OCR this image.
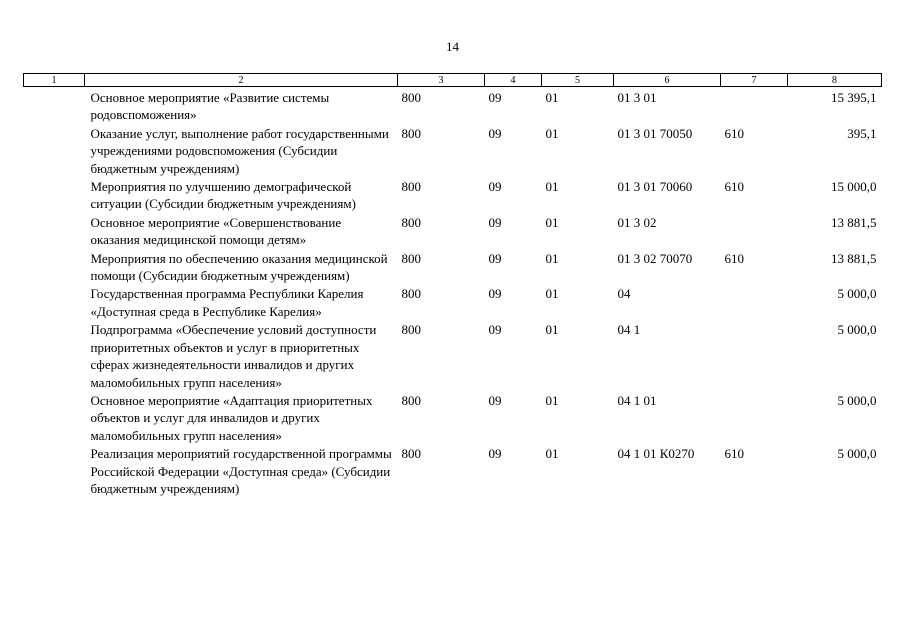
14
1	2	3	4	5	6	7	8
	Основное мероприятие «Развитие системы родовспоможения»	800	09	01	01 3 01		15 395,1
	Оказание услуг, выполнение работ государственными учреждениями родовспоможения (Субсидии бюджетным учреждениям)	800	09	01	01 3 01 70050	610	395,1
	Мероприятия по улучшению демографической ситуации (Субсидии бюджетным учреждениям)	800	09	01	01 3 01 70060	610	15 000,0
	Основное мероприятие «Совершенствование оказания медицинской помощи детям»	800	09	01	01 3 02		13 881,5
	Мероприятия по обеспечению оказания медицинской помощи (Субсидии бюджетным учреждениям)	800	09	01	01 3 02 70070	610	13 881,5
	Государственная программа Республики Карелия «Доступная среда в Республике Карелия»	800	09	01	04		5 000,0
	Подпрограмма «Обеспечение условий доступности приоритетных объектов и услуг в приоритетных сферах жизнедеятельности инвалидов и других маломобильных групп населения»	800	09	01	04 1		5 000,0
	Основное мероприятие «Адаптация приоритетных объектов и услуг для инвалидов и других маломобильных групп населения»	800	09	01	04 1 01		5 000,0
	Реализация мероприятий государственной программы Российской Федерации «Доступная среда» (Субсидии бюджетным учреждениям)	800	09	01	04 1 01 К0270	610	5 000,0
